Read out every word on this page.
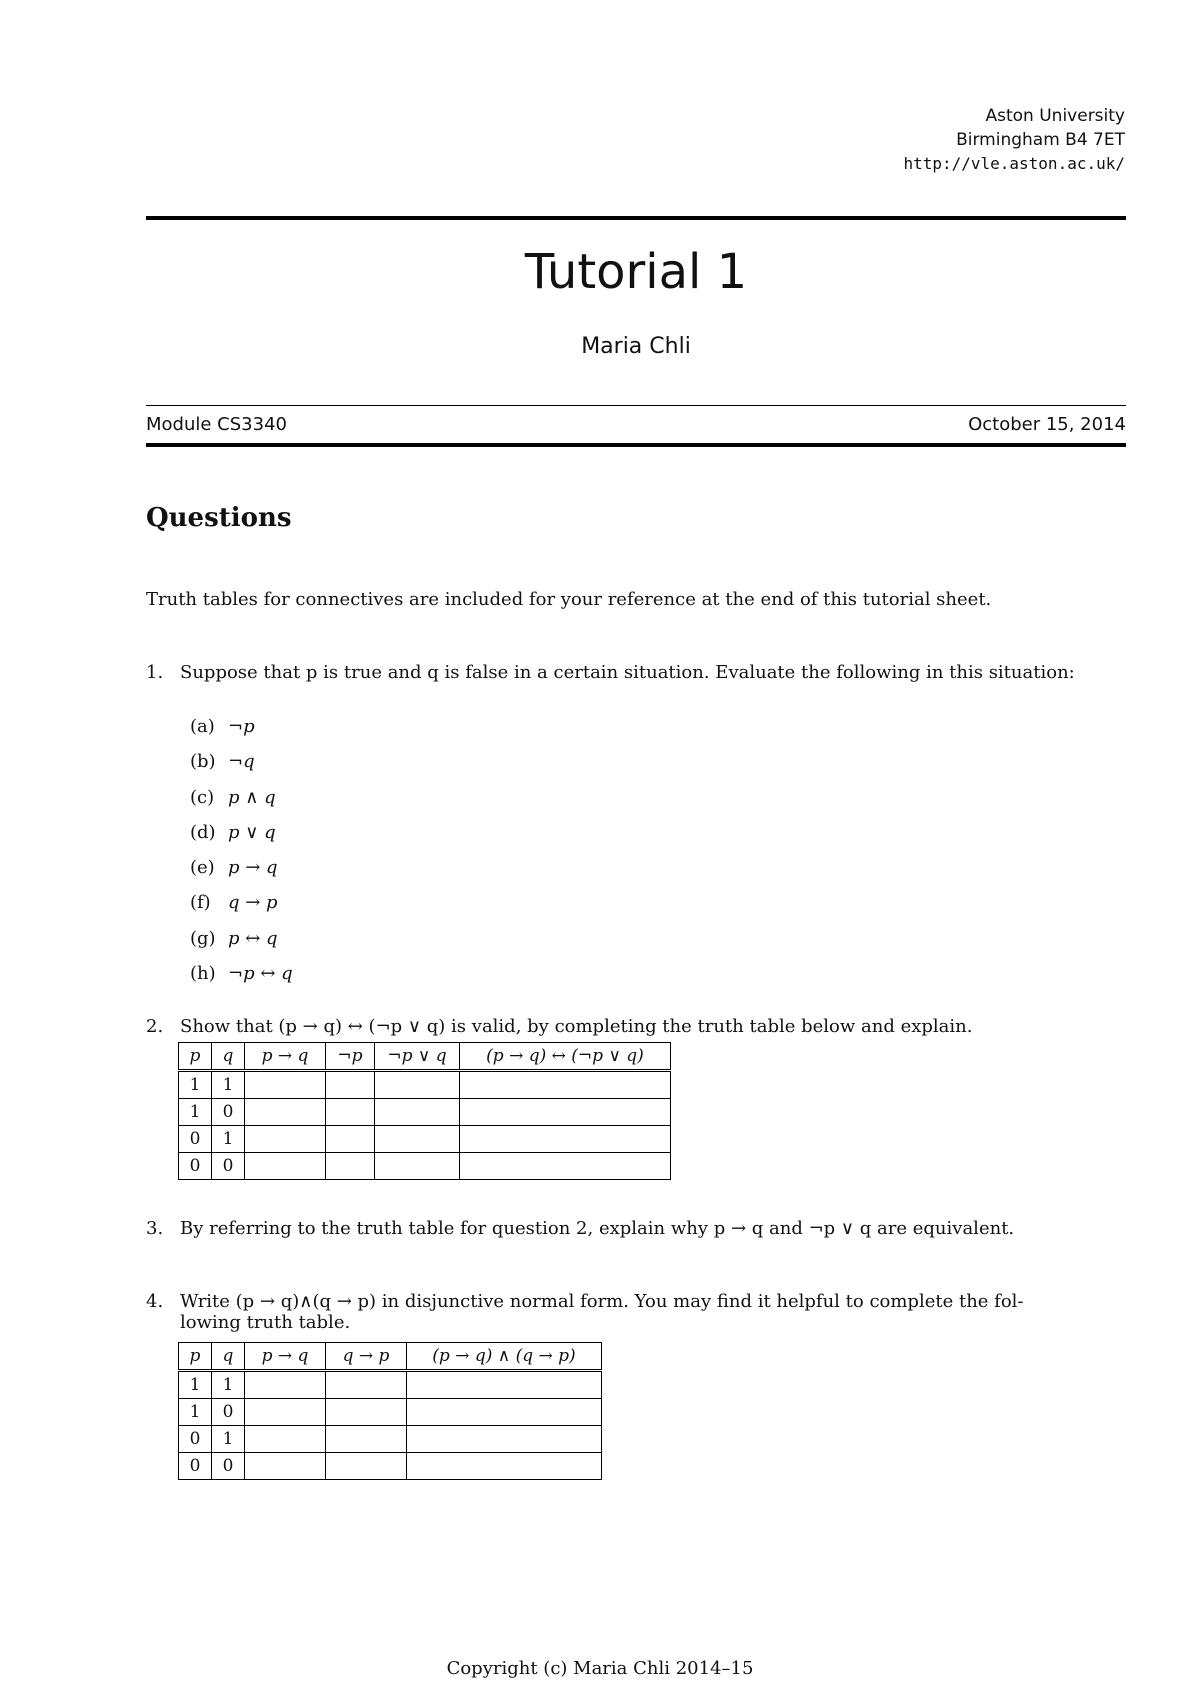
Aston University
Birmingham B4 7ET
http://vle.aston.ac.uk/
Tutorial 1
Maria Chli
Module CS3340	October 15, 2014
Questions
Truth tables for connectives are included for your reference at the end of this tutorial sheet.
1. Suppose that p is true and q is false in a certain situation. Evaluate the following in this situation:
(a) ¬p
(b) ¬q
(c) p ∧ q
(d) p ∨ q
(e) p → q
(f) q → p
(g) p ↔ q
(h) ¬p ↔ q
2. Show that (p → q) ↔ (¬p ∨ q) is valid, by completing the truth table below and explain.
p	q	p → q	¬p	¬p ∨ q	(p → q) ↔ (¬p ∨ q)
1	1				
1	0				
0	1				
0	0				
3. By referring to the truth table for question 2, explain why p → q and ¬p ∨ q are equivalent.
4. Write (p → q)∧(q → p) in disjunctive normal form. You may find it helpful to complete the fol-
lowing truth table.
p	q	p → q	q → p	(p → q) ∧ (q → p)
1	1			
1	0			
0	1			
0	0			
Copyright (c) Maria Chli 2014–15
